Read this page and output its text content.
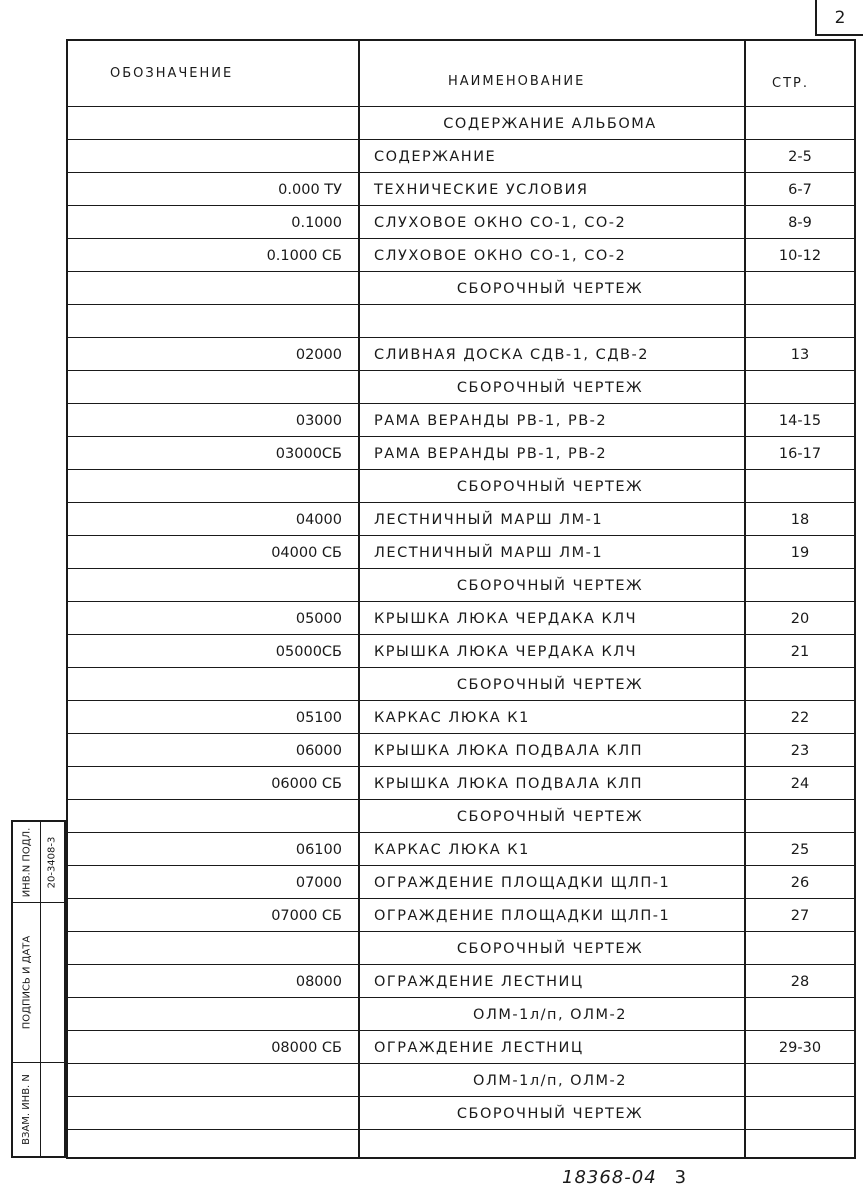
2
ОБОЗНАЧЕНИЕ
НАИМЕНОВАНИЕ	СТР.
СОДЕРЖАНИЕ АЛЬБОМА
СОДЕРЖАНИЕ	2-5
0.000 ТУ	ТЕХНИЧЕСКИЕ УСЛОВИЯ	6-7
0.1000	СЛУХОВОЕ ОКНО СО-1, СО-2	8-9
0.1000 СБ	СЛУХОВОЕ ОКНО СО-1, СО-2	10-12
СБОРОЧНЫЙ ЧЕРТЕЖ
02000	СЛИВНАЯ ДОСКА СДВ-1, СДВ-2	13
СБОРОЧНЫЙ ЧЕРТЕЖ
03000	РАМА ВЕРАНДЫ РВ-1, РВ-2	14-15
03000СБ	РАМА ВЕРАНДЫ РВ-1, РВ-2	16-17
СБОРОЧНЫЙ ЧЕРТЕЖ
04000	ЛЕСТНИЧНЫЙ МАРШ ЛМ-1	18
04000 СБ	ЛЕСТНИЧНЫЙ МАРШ ЛМ-1	19
СБОРОЧНЫЙ ЧЕРТЕЖ
05000	КРЫШКА ЛЮКА ЧЕРДАКА КЛЧ	20
05000СБ	КРЫШКА ЛЮКА ЧЕРДАКА КЛЧ	21
СБОРОЧНЫЙ ЧЕРТЕЖ
05100	КАРКАС ЛЮКА К1	22
06000	КРЫШКА ЛЮКА ПОДВАЛА КЛП	23
06000 СБ	КРЫШКА ЛЮКА ПОДВАЛА КЛП	24
СБОРОЧНЫЙ ЧЕРТЕЖ
06100	КАРКАС ЛЮКА К1	25
07000	ОГРАЖДЕНИЕ ПЛОЩАДКИ ЩЛП-1	26
07000 СБ	ОГРАЖДЕНИЕ ПЛОЩАДКИ ЩЛП-1	27
СБОРОЧНЫЙ ЧЕРТЕЖ
08000	ОГРАЖДЕНИЕ ЛЕСТНИЦ	28
ОЛМ-1л/п, ОЛМ-2
08000 СБ	ОГРАЖДЕНИЕ ЛЕСТНИЦ	29-30
ОЛМ-1л/п, ОЛМ-2
СБОРОЧНЫЙ ЧЕРТЕЖ
ИНВ.N ПОДЛ.
ПОДПИСЬ И ДАТА
ВЗАМ. ИНВ. N
20-3408-3
18368-04 3
